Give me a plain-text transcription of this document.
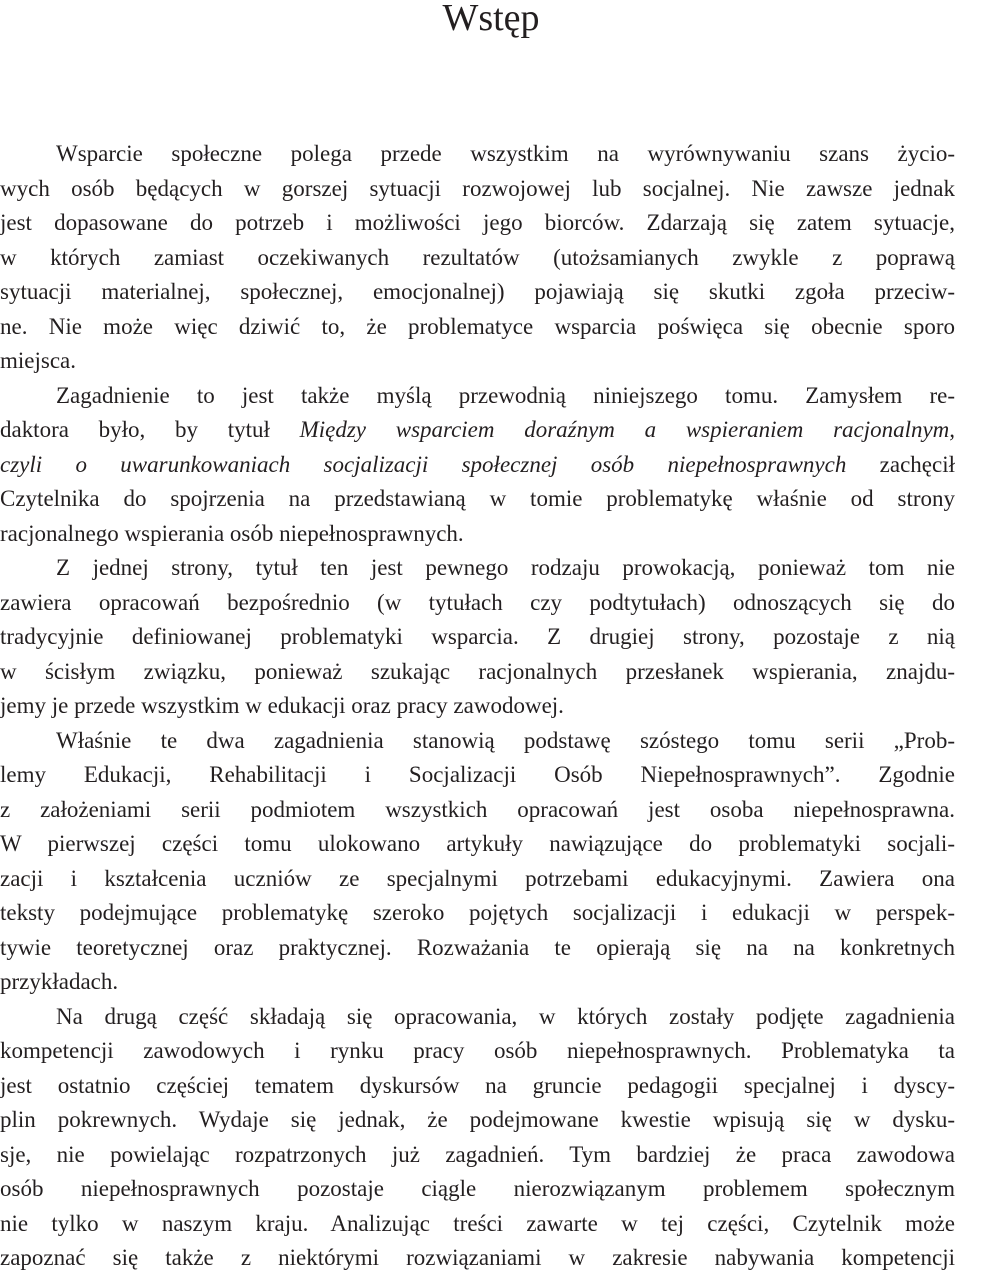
Wstęp
Wsparcie społeczne polega przede wszystkim na wyrównywaniu szans życio-
wych osób będących w gorszej sytuacji rozwojowej lub socjalnej. Nie zawsze jednak
jest dopasowane do potrzeb i możliwości jego biorców. Zdarzają się zatem sytuacje,
w których zamiast oczekiwanych rezultatów (utożsamianych zwykle z poprawą
sytuacji materialnej, społecznej, emocjonalnej) pojawiają się skutki zgoła przeciw-
ne. Nie może więc dziwić to, że problematyce wsparcia poświęca się obecnie sporo
miejsca.
Zagadnienie to jest także myślą przewodnią niniejszego tomu. Zamysłem re-
daktora było, by tytuł Między wsparciem doraźnym a wspieraniem racjonalnym,
czyli o uwarunkowaniach socjalizacji społecznej osób niepełnosprawnych zachęcił
Czytelnika do spojrzenia na przedstawianą w tomie problematykę właśnie od strony
racjonalnego wspierania osób niepełnosprawnych.
Z jednej strony, tytuł ten jest pewnego rodzaju prowokacją, ponieważ tom nie
zawiera opracowań bezpośrednio (w tytułach czy podtytułach) odnoszących się do
tradycyjnie definiowanej problematyki wsparcia. Z drugiej strony, pozostaje z nią
w ścisłym związku, ponieważ szukając racjonalnych przesłanek wspierania, znajdu-
jemy je przede wszystkim w edukacji oraz pracy zawodowej.
Właśnie te dwa zagadnienia stanowią podstawę szóstego tomu serii „Prob-
lemy Edukacji, Rehabilitacji i Socjalizacji Osób Niepełnosprawnych”. Zgodnie
z założeniami serii podmiotem wszystkich opracowań jest osoba niepełnosprawna.
W pierwszej części tomu ulokowano artykuły nawiązujące do problematyki socjali-
zacji i kształcenia uczniów ze specjalnymi potrzebami edukacyjnymi. Zawiera ona
teksty podejmujące problematykę szeroko pojętych socjalizacji i edukacji w perspek-
tywie teoretycznej oraz praktycznej. Rozważania te opierają się na na konkretnych
przykładach.
Na drugą część składają się opracowania, w których zostały podjęte zagadnienia
kompetencji zawodowych i rynku pracy osób niepełnosprawnych. Problematyka ta
jest ostatnio częściej tematem dyskursów na gruncie pedagogii specjalnej i dyscy-
plin pokrewnych. Wydaje się jednak, że podejmowane kwestie wpisują się w dysku-
sje, nie powielając rozpatrzonych już zagadnień. Tym bardziej że praca zawodowa
osób niepełnosprawnych pozostaje ciągle nierozwiązanym problemem społecznym
nie tylko w naszym kraju. Analizując treści zawarte w tej części, Czytelnik może
zapoznać się także z niektórymi rozwiązaniami w zakresie nabywania kompetencji
